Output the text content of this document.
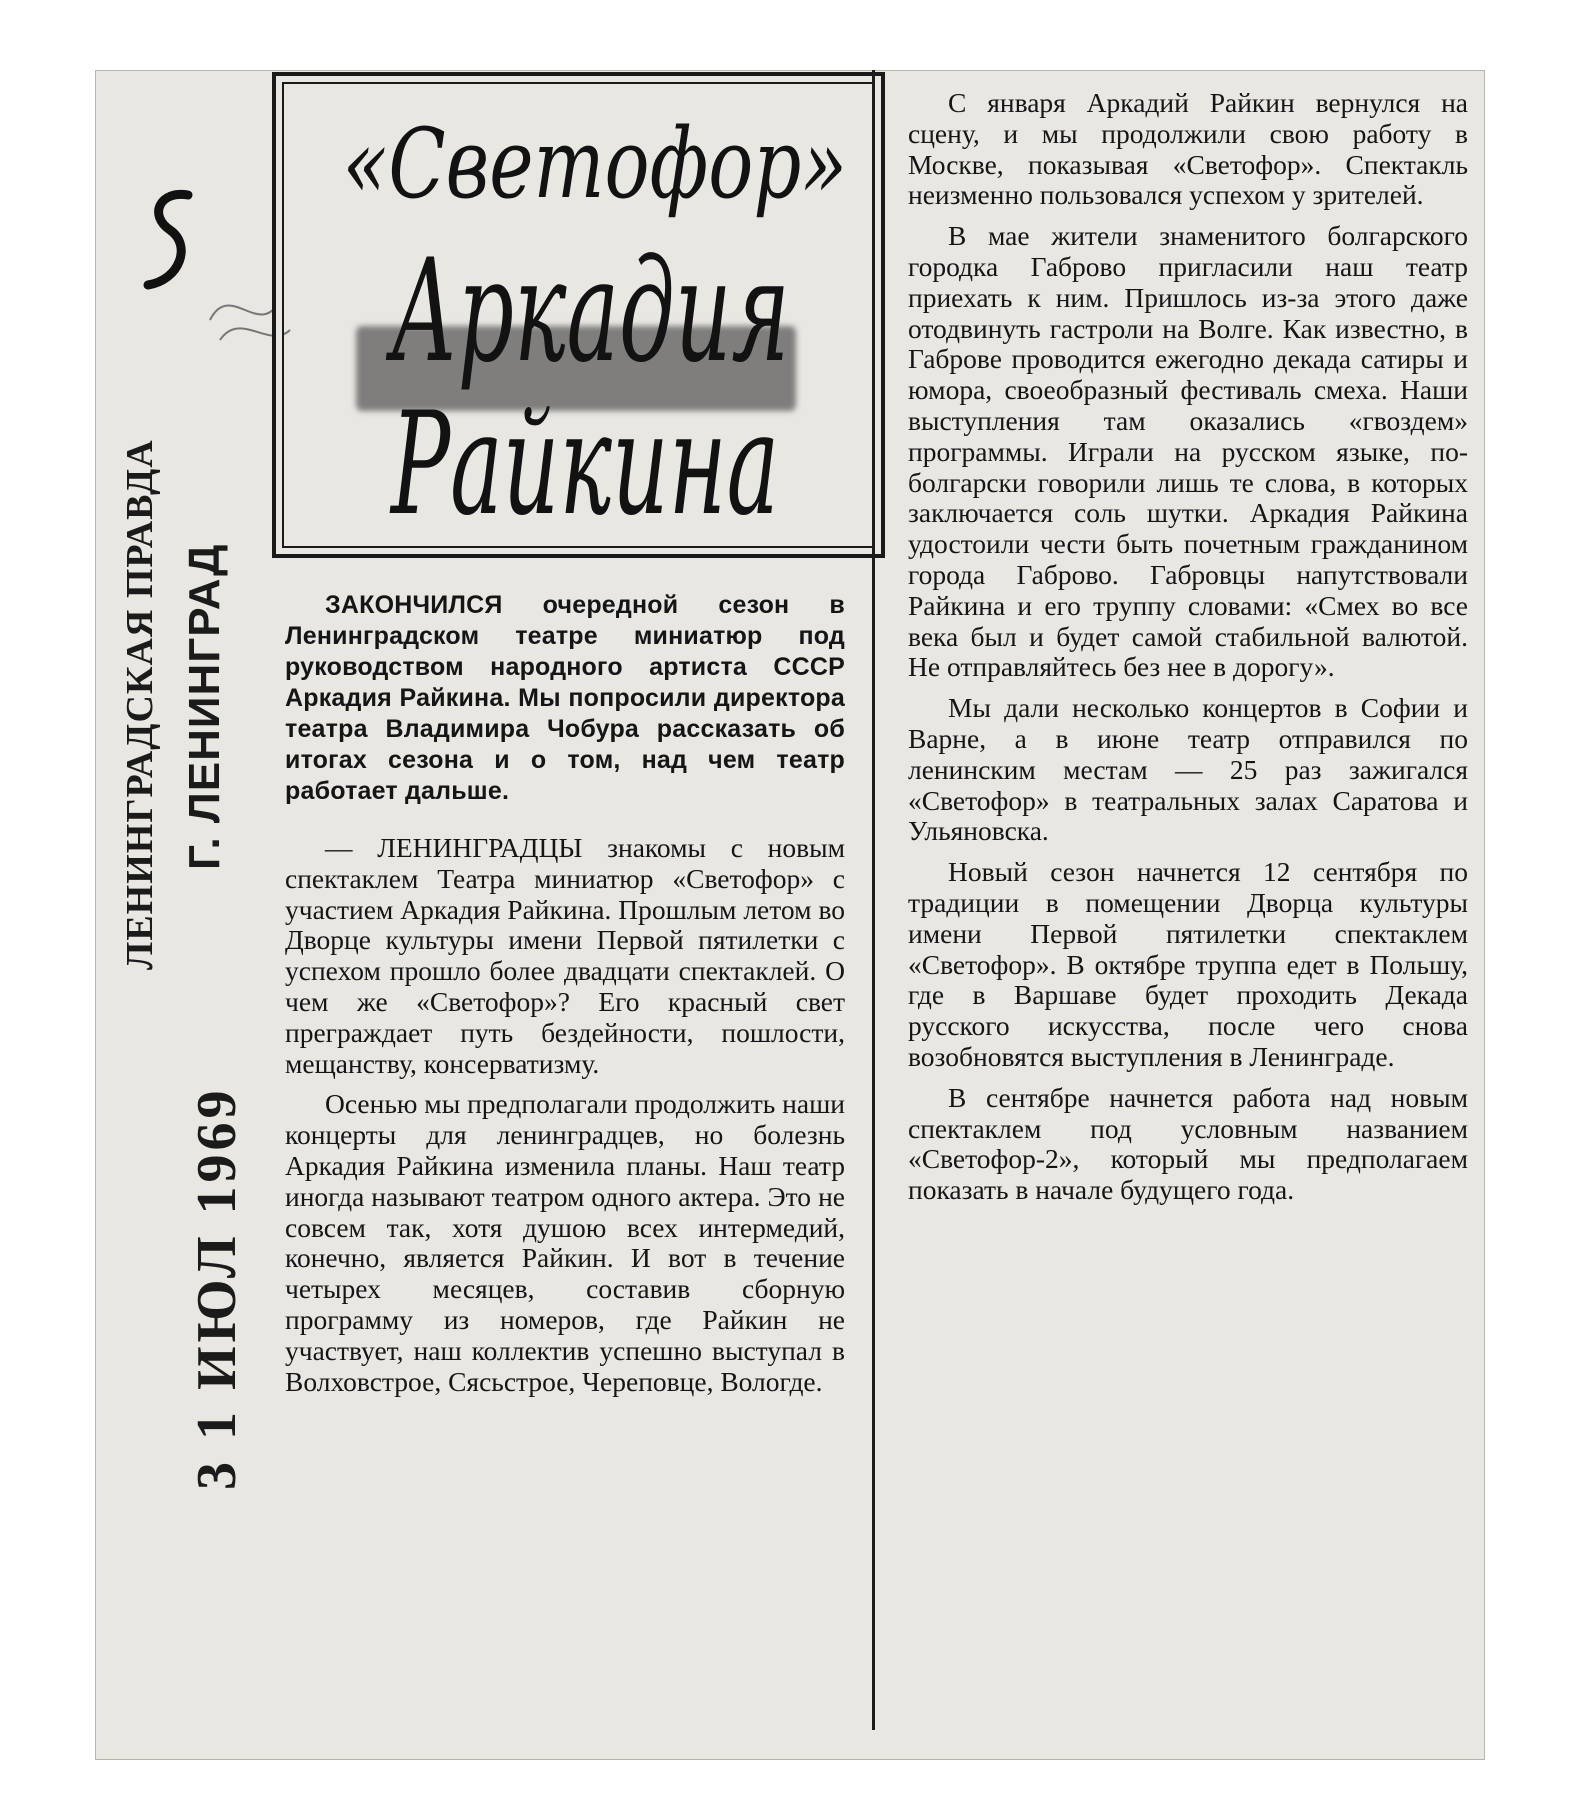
ЛЕНИНГРАДСКАЯ ПРАВДА Г. ЛЕНИНГРАД
3 1 ИЮЛ 1969
«Светофор»
Аркадия
Райкина

ЗАКОНЧИЛСЯ очередной сезон в Ленинградском театре миниатюр под руководством народного артиста СССР Аркадия Райкина. Мы попросили директора театра Владимира Чобура рассказать об итогах сезона и о том, над чем театр работает дальше.

— ЛЕНИНГРАДЦЫ знакомы с новым спектаклем Театра миниатюр «Светофор» с участием Аркадия Райкина. Прошлым летом во Дворце культуры имени Первой пятилетки с успехом прошло более двадцати спектаклей. О чем же «Светофор»? Его красный свет преграждает путь бездейности, пошлости, мещанству, консерватизму.

Осенью мы предполагали продолжить наши концерты для ленинградцев, но болезнь Аркадия Райкина изменила планы. Наш театр иногда называют театром одного актера. Это не совсем так, хотя душою всех интермедий, конечно, является Райкин. И вот в течение четырех месяцев, составив сборную программу из номеров, где Райкин не участвует, наш коллектив успешно выступал в Волховстрое, Сясьстрое, Череповце, Вологде.

С января Аркадий Райкин вернулся на сцену, и мы продолжили свою работу в Москве, показывая «Светофор». Спектакль неизменно пользовался успехом у зрителей.

В мае жители знаменитого болгарского городка Габрово пригласили наш театр приехать к ним. Пришлось из-за этого даже отодвинуть гастроли на Волге. Как известно, в Габрове проводится ежегодно декада сатиры и юмора, своеобразный фестиваль смеха. Наши выступления там оказались «гвоздем» программы. Играли на русском языке, по-болгарски говорили лишь те слова, в которых заключается соль шутки. Аркадия Райкина удостоили чести быть почетным гражданином города Габрово. Габровцы напутствовали Райкина и его труппу словами: «Смех во все века был и будет самой стабильной валютой. Не отправляйтесь без нее в дорогу».

Мы дали несколько концертов в Софии и Варне, а в июне театр отправился по ленинским местам — 25 раз зажигался «Светофор» в театральных залах Саратова и Ульяновска.

Новый сезон начнется 12 сентября по традиции в помещении Дворца культуры имени Первой пятилетки спектаклем «Светофор». В октябре труппа едет в Польшу, где в Варшаве будет проходить Декада русского искусства, после чего снова возобновятся выступления в Ленинграде.

В сентябре начнется работа над новым спектаклем под условным названием «Светофор-2», который мы предполагаем показать в начале будущего года.
